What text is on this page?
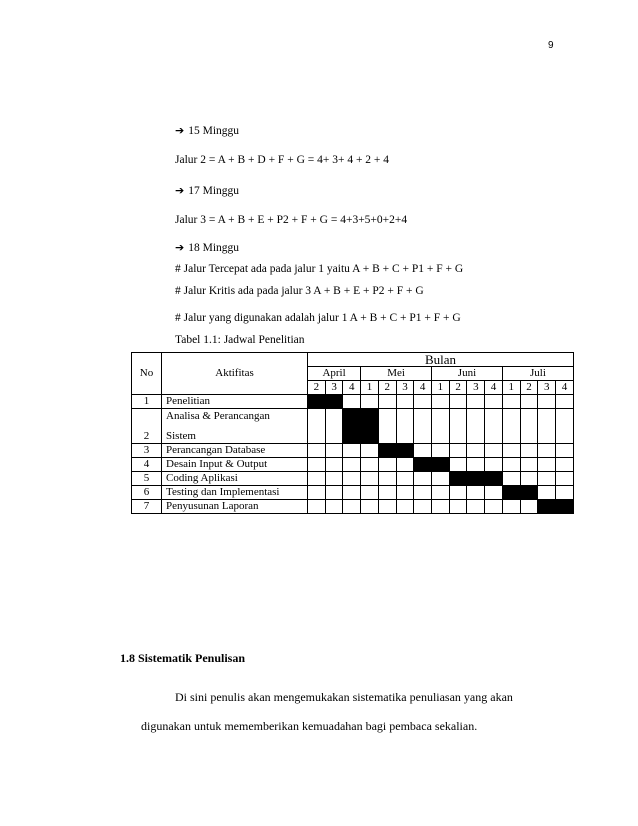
9
➔ 15 Minggu
Jalur 2 = A + B + D + F + G = 4+ 3+ 4 + 2 + 4
➔ 17 Minggu
Jalur 3 = A + B + E + P2 + F + G = 4+3+5+0+2+4
➔ 18 Minggu
# Jalur Tercepat ada pada jalur 1 yaitu A + B + C + P1 + F + G
# Jalur Kritis ada pada jalur 3 A + B + E + P2 + F + G
# Jalur yang digunakan adalah jalur 1 A + B + C + P1 + F + G
Tabel 1.1: Jadwal Penelitian
No	Aktifitas	Bulan														
		April			Mei				Juni				Juli			
		2	3	4	1	2	3	4	1	2	3	4	1	2	3	4
1	Penelitian															
2	Analisa & Perancangan
Sistem															

3	Perancangan Database															
4	Desain Input & Output															
5	Coding Aplikasi															
6	Testing dan Implementasi															
7	Penyusunan Laporan															
1.8 Sistematik Penulisan
Di sini penulis akan mengemukakan sistematika penuliasan yang akan
digunakan untuk mememberikan kemuadahan bagi pembaca sekalian.
